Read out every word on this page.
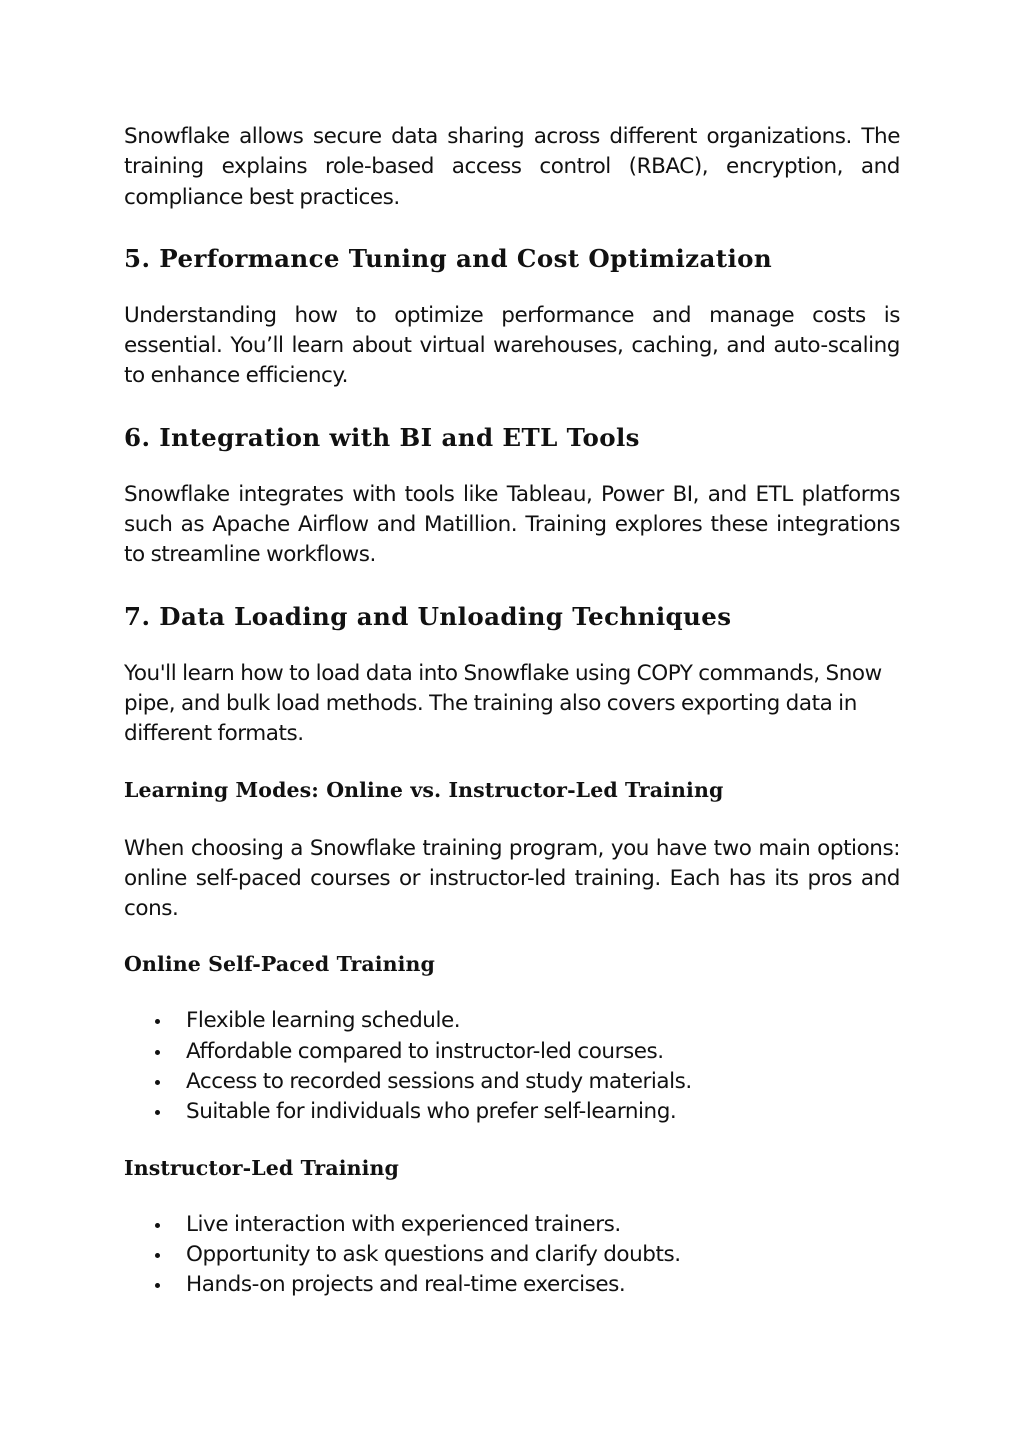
Snowflake allows secure data sharing across different organizations. The training explains role-based access control (RBAC), encryption, and compliance best practices.

5. Performance Tuning and Cost Optimization

Understanding how to optimize performance and manage costs is essential. You’ll learn about virtual warehouses, caching, and auto-scaling to enhance efficiency.

6. Integration with BI and ETL Tools

Snowflake integrates with tools like Tableau, Power BI, and ETL platforms such as Apache Airflow and Matillion. Training explores these integrations to streamline workflows.

7. Data Loading and Unloading Techniques

You'll learn how to load data into Snowflake using COPY commands, Snow pipe, and bulk load methods. The training also covers exporting data in different formats.

Learning Modes: Online vs. Instructor-Led Training

When choosing a Snowflake training program, you have two main options: online self-paced courses or instructor-led training. Each has its pros and cons.

Online Self-Paced Training
Flexible learning schedule.
Affordable compared to instructor-led courses.
Access to recorded sessions and study materials.
Suitable for individuals who prefer self-learning.
Instructor-Led Training
Live interaction with experienced trainers.
Opportunity to ask questions and clarify doubts.
Hands-on projects and real-time exercises.
